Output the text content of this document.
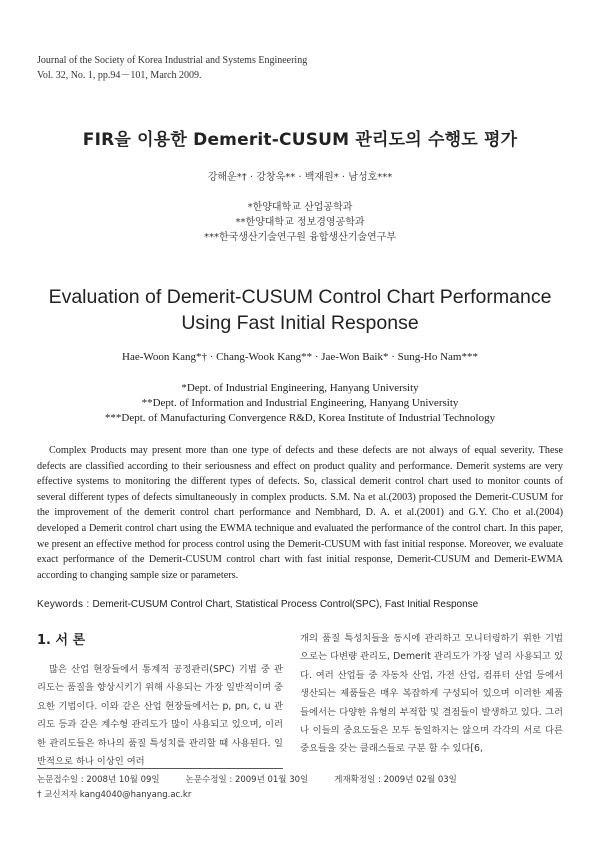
Journal of the Society of Korea Industrial and Systems Engineering
Vol. 32, No. 1, pp.94－101, March 2009.
FIR을 이용한 Demerit-CUSUM 관리도의 수행도 평가
강해운*† · 강창욱** · 백재원* · 남성호***
*한양대학교 산업공학과
**한양대학교 정보경영공학과
***한국생산기술연구원 융합생산기술연구부
Evaluation of Demerit-CUSUM Control Chart Performance
Using Fast Initial Response
Hae-Woon Kang*† · Chang-Wook Kang** · Jae-Won Baik* · Sung-Ho Nam***
*Dept. of Industrial Engineering, Hanyang University
**Dept. of Information and Industrial Engineering, Hanyang University
***Dept. of Manufacturing Convergence R&D, Korea Institute of Industrial Technology

Complex Products may present more than one type of defects and these defects are not always of equal severity. These defects are classified according to their seriousness and effect on product quality and performance. Demerit systems are very effective systems to monitoring the different types of defects. So, classical demerit control chart used to monitor counts of several different types of defects simultaneously in complex products. S.M. Na et al.(2003) proposed the Demerit-CUSUM for the improvement of the demerit control chart performance and Nembhard, D. A. et al.(2001) and G.Y. Cho et al.(2004) developed a Demerit control chart using the EWMA technique and evaluated the performance of the control chart. In this paper, we present an effective method for process control using the Demerit-CUSUM with fast initial response. Moreover, we evaluate exact performance of the Demerit-CUSUM control chart with fast initial response, Demerit-CUSUM and Demerit-EWMA according to changing sample size or parameters.

Keywords : Demerit-CUSUM Control Chart, Statistical Process Control(SPC), Fast Initial Response
1. 서 론

많은 산업 현장들에서 통계적 공정관리(SPC) 기법 중 관리도는 품질을 향상시키기 위해 사용되는 가장 일반적이며 중요한 기법이다. 이와 같은 산업 현장들에서는 p, pn, c, u 관리도 등과 같은 계수형 관리도가 많이 사용되고 있으며, 이러한 관리도들은 하나의 품질 특성치를 관리할 때 사용된다. 일반적으로 하나 이상인 여러

개의 품질 특성치들을 동시에 관리하고 모니터링하기 위한 기법으로는 다변량 관리도, Demerit 관리도가 가장 널리 사용되고 있다. 여러 산업들 중 자동차 산업, 가전 산업, 컴퓨터 산업 등에서 생산되는 제품들은 매우 복잡하게 구성되어 있으며 이러한 제품들에서는 다양한 유형의 부적합 및 결점들이 발생하고 있다. 그러나 이들의 중요도들은 모두 동일하지는 않으며 각각의 서로 다른 중요들을 갖는 클래스들로 구분 할 수 있다[6,

논문접수일 : 2008년 10월 09일	논문수정일 : 2009년 01월 30일	게재확정일 : 2009년 02월 03일
† 교신저자 kang4040@hanyang.ac.kr
